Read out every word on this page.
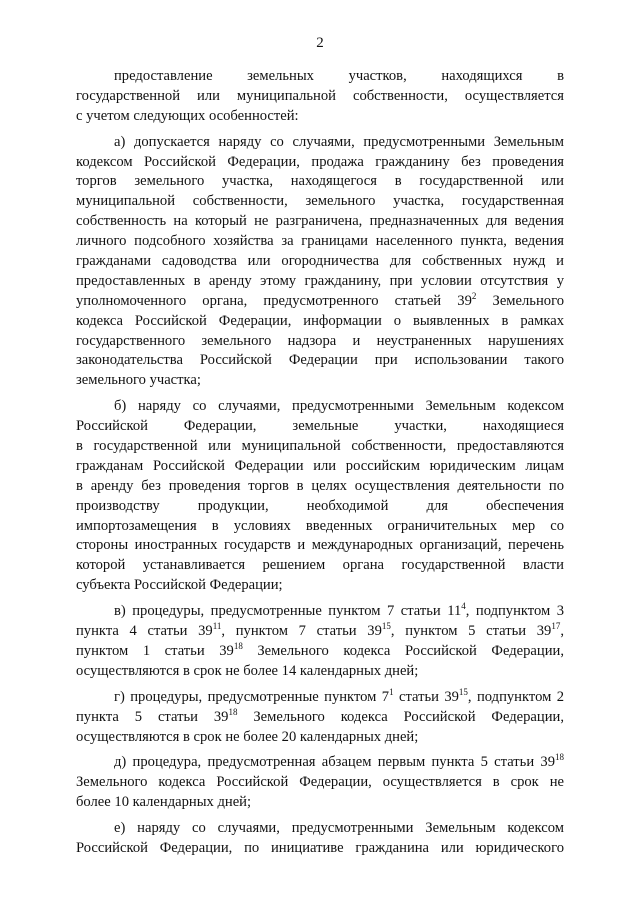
2
предоставление земельных участков, находящихся в
государственной или муниципальной собственности, осуществляется
с учетом следующих особенностей:
а) допускается наряду со случаями, предусмотренными Земельным
кодексом Российской Федерации, продажа гражданину без проведения
торгов земельного участка, находящегося в государственной или
муниципальной собственности, земельного участка, государственная
собственность на который не разграничена, предназначенных для ведения
личного подсобного хозяйства за границами населенного пункта, ведения
гражданами садоводства или огородничества для собственных нужд и
предоставленных в аренду этому гражданину, при условии отсутствия у
уполномоченного органа, предусмотренного статьей $39^2$ Земельного
кодекса Российской Федерации, информации о выявленных в рамках
государственного земельного надзора и неустраненных нарушениях
законодательства Российской Федерации при использовании такого
земельного участка;
б) наряду со случаями, предусмотренными Земельным кодексом
Российской Федерации, земельные участки, находящиеся
в государственной или муниципальной собственности, предоставляются
гражданам Российской Федерации или российским юридическим лицам
в аренду без проведения торгов в целях осуществления деятельности по
производству продукции, необходимой для обеспечения
импортозамещения в условиях введенных ограничительных мер со
стороны иностранных государств и международных организаций, перечень
которой устанавливается решением органа государственной власти
субъекта Российской Федерации;
в) процедуры, предусмотренные пунктом 7 статьи $11^4$, подпунктом 3
пункта 4 статьи $39^{11}$, пунктом 7 статьи $39^{15}$, пунктом 5 статьи $39^{17}$,
пунктом 1 статьи $39^{18}$ Земельного кодекса Российской Федерации,
осуществляются в срок не более 14 календарных дней;
г) процедуры, предусмотренные пунктом $7^1$ статьи $39^{15}$, подпунктом 2
пункта 5 статьи $39^{18}$ Земельного кодекса Российской Федерации,
осуществляются в срок не более 20 календарных дней;
д) процедура, предусмотренная абзацем первым пункта 5 статьи $39^{18}$
Земельного кодекса Российской Федерации, осуществляется в срок не
более 10 календарных дней;
е) наряду со случаями, предусмотренными Земельным кодексом
Российской Федерации, по инициативе гражданина или юридического
